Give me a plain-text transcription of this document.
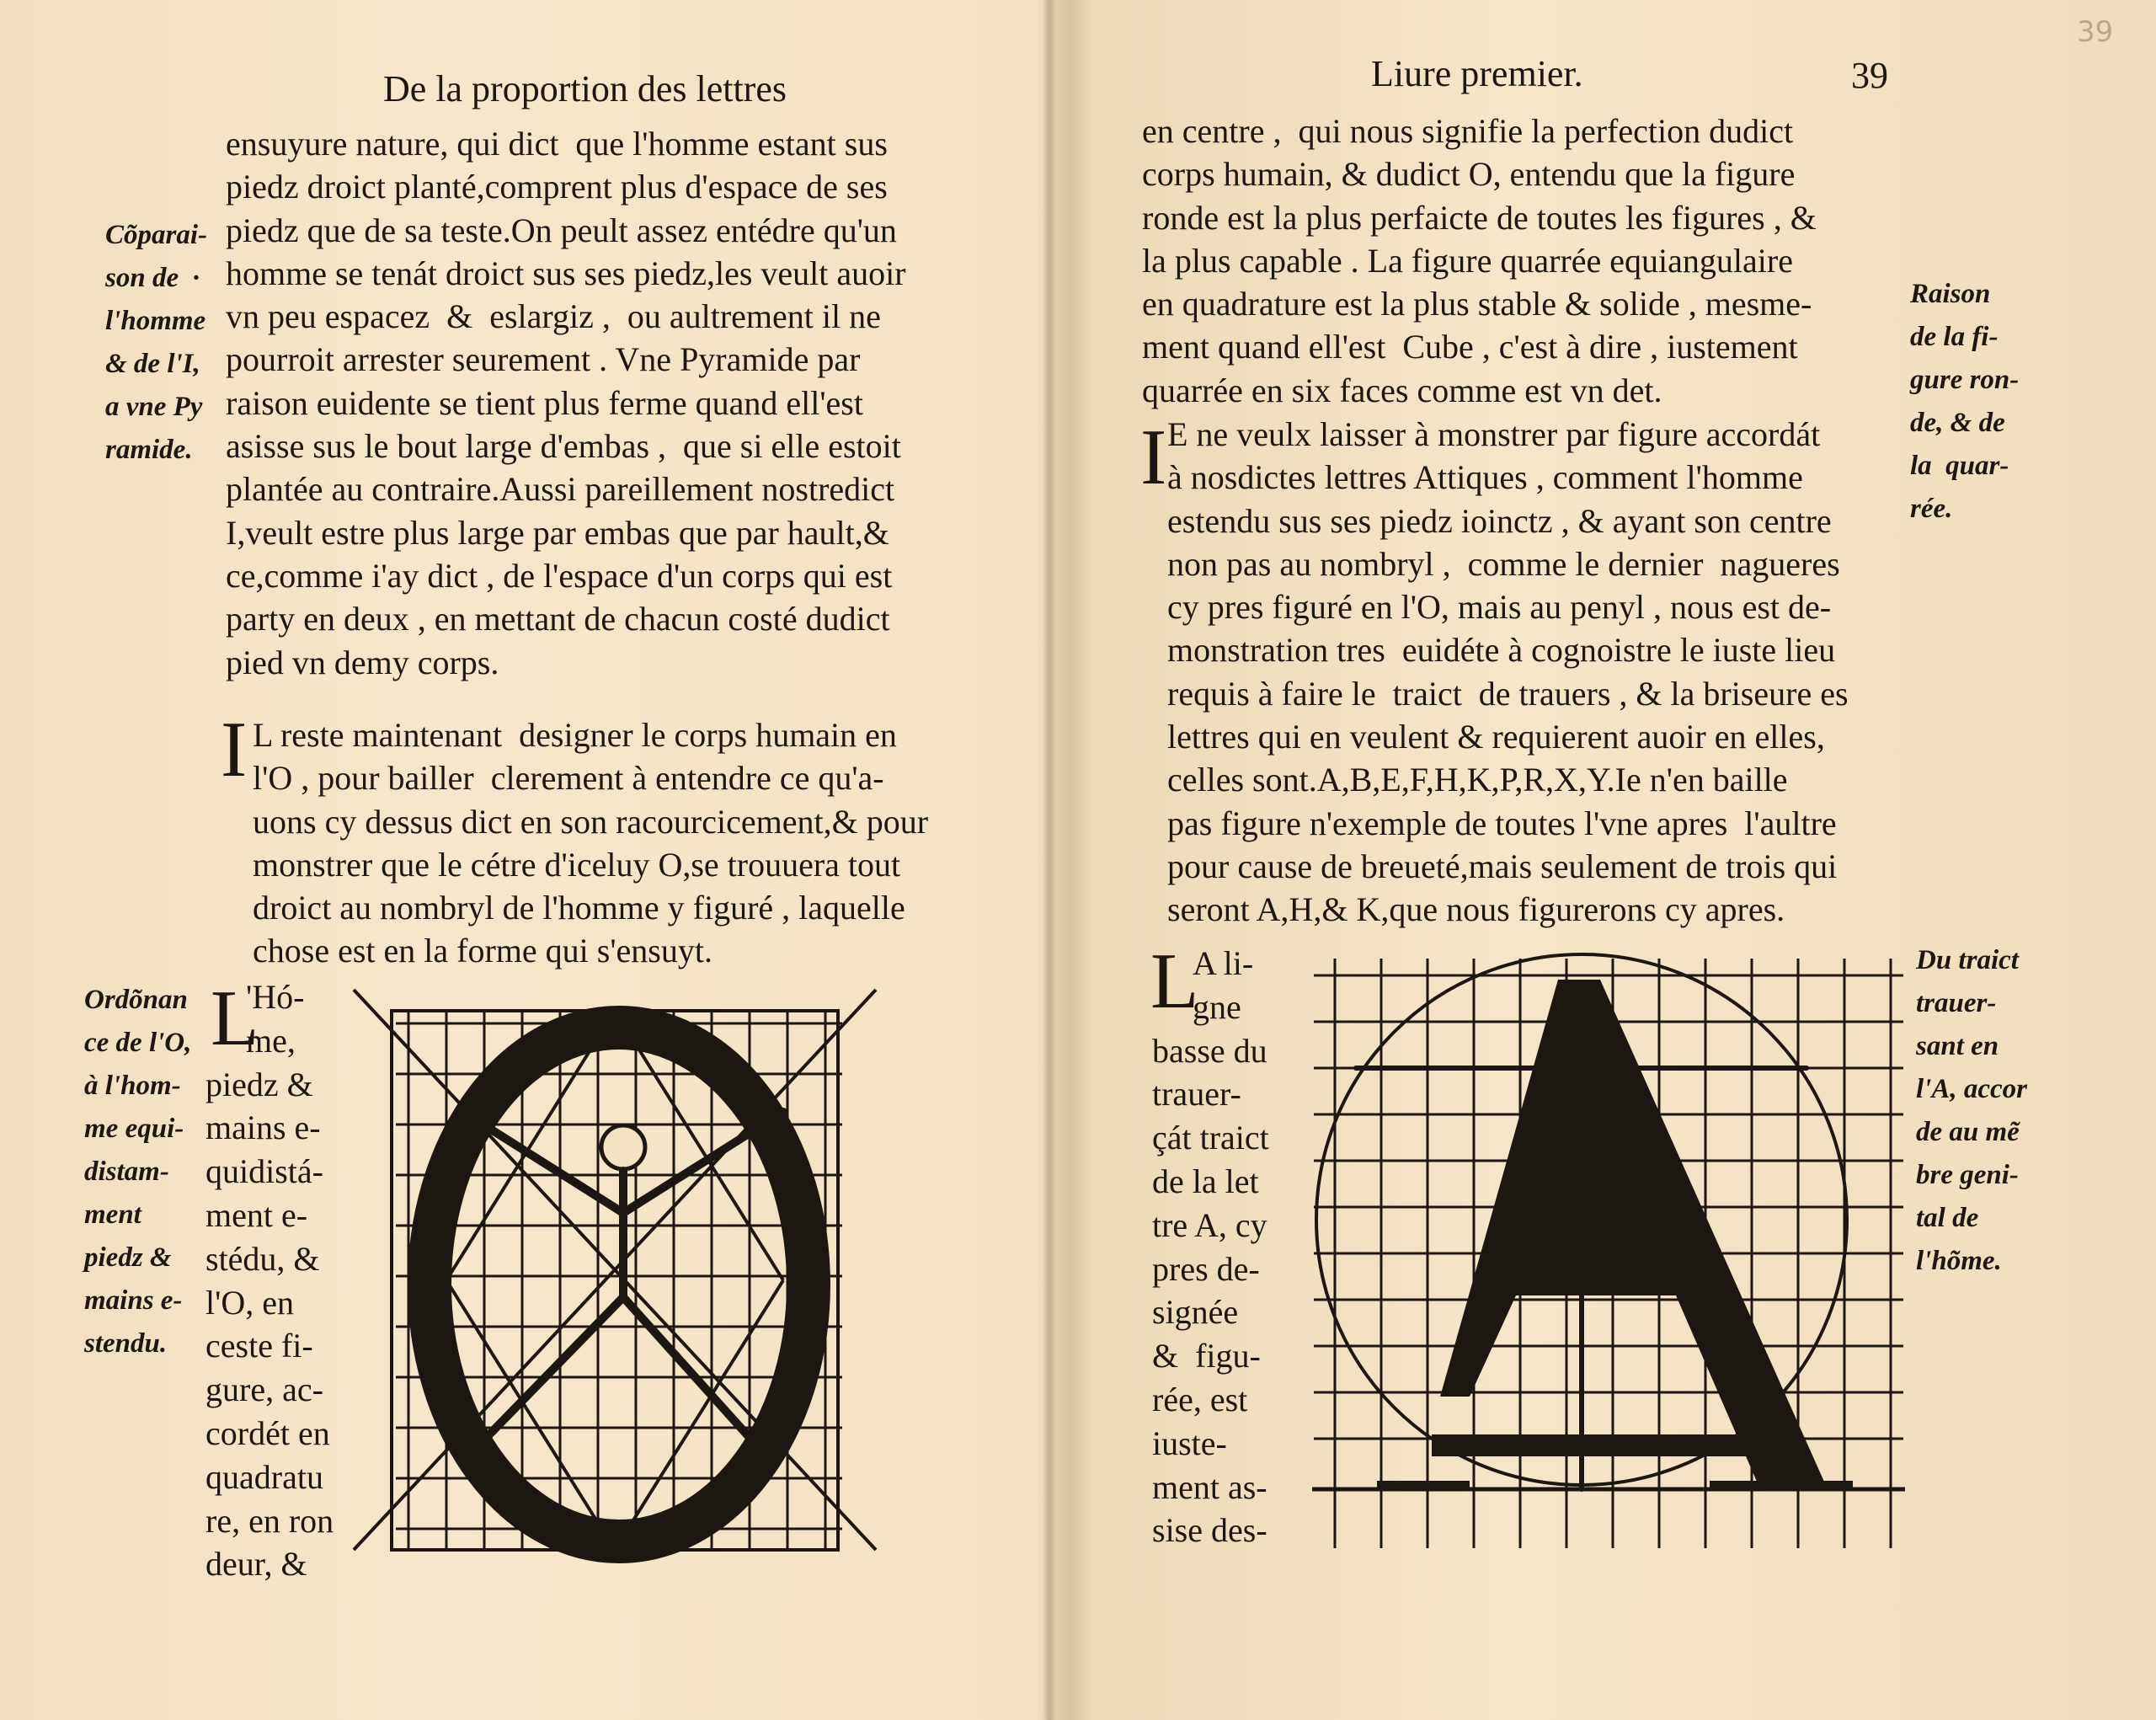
De la proportion des lettres
ensuyure nature, qui dict  que l'homme estant sus
piedz droict planté,comprent plus d'espace de ses
piedz que de sa teste.On peult assez entédre qu'un
homme se tenát droict sus ses piedz,les veult auoir
vn peu espacez  &  eslargiz ,  ou aultrement il ne
pourroit arrester seurement . Vne Pyramide par
raison euidente se tient plus ferme quand ell'est
asisse sus le bout large d'embas ,  que si elle estoit
plantée au contraire.Aussi pareillement nostredict
I,veult estre plus large par embas que par hault,&
ce,comme i'ay dict , de l'espace d'un corps qui est
party en deux , en mettant de chacun costé dudict
pied vn demy corps.
I L reste maintenant  designer le corps humain en
l'O , pour bailler  clerement à entendre ce qu'a-
uons cy dessus dict en son racourcicement,& pour
monstrer que le cétre d'iceluy O,se trouuera tout
droict au nombryl de l'homme y figuré , laquelle
chose est en la forme qui s'ensuyt.
Cõparai-
son de  ·
l'homme
& de l'I,
a vne Py
ramide.
Ordõnan
ce de l'O,
à l'hom-
me equi-
distam-
ment
piedz &
mains e-
stendu.
L
'Hó-
me,
piedz &
mains e-
quidistá-
ment e-
stédu, &
l'O, en
ceste fi-
gure, ac-
cordét en
quadratu
re, en ron
deur, &
Liure premier.	39
39
en centre ,  qui nous signifie la perfection dudict
corps humain, & dudict O, entendu que la figure
ronde est la plus perfaicte de toutes les figures , &
la plus capable . La figure quarrée equiangulaire
en quadrature est la plus stable & solide , mesme-
ment quand ell'est  Cube , c'est à dire , iustement
quarrée en six faces comme est vn det.
I E ne veulx laisser à monstrer par figure accordát
à nosdictes lettres Attiques , comment l'homme
estendu sus ses piedz ioinctz , & ayant son centre
non pas au nombryl ,  comme le dernier  nagueres
cy pres figuré en l'O, mais au penyl , nous est de-
monstration tres  euidéte à cognoistre le iuste lieu
requis à faire le  traict  de trauers , & la briseure es
lettres qui en veulent & requierent auoir en elles,
celles sont.A,B,E,F,H,K,P,R,X,Y.Ie n'en baille
pas figure n'exemple de toutes l'vne apres  l'aultre
pour cause de breueté,mais seulement de trois qui
seront A,H,& K,que nous figurerons cy apres.
Raison
de la fi-
gure ron-
de, & de
la  quar-
rée.
Du traict
trauer-
sant en
l'A, accor
de au mẽ
bre geni-
tal de
l'hõme.
L
A li-
gne
basse du
trauer-
çát traict
de la let
tre A, cy
pres de-
signée
&  figu-
rée, est
iuste-
ment as-
sise des-
